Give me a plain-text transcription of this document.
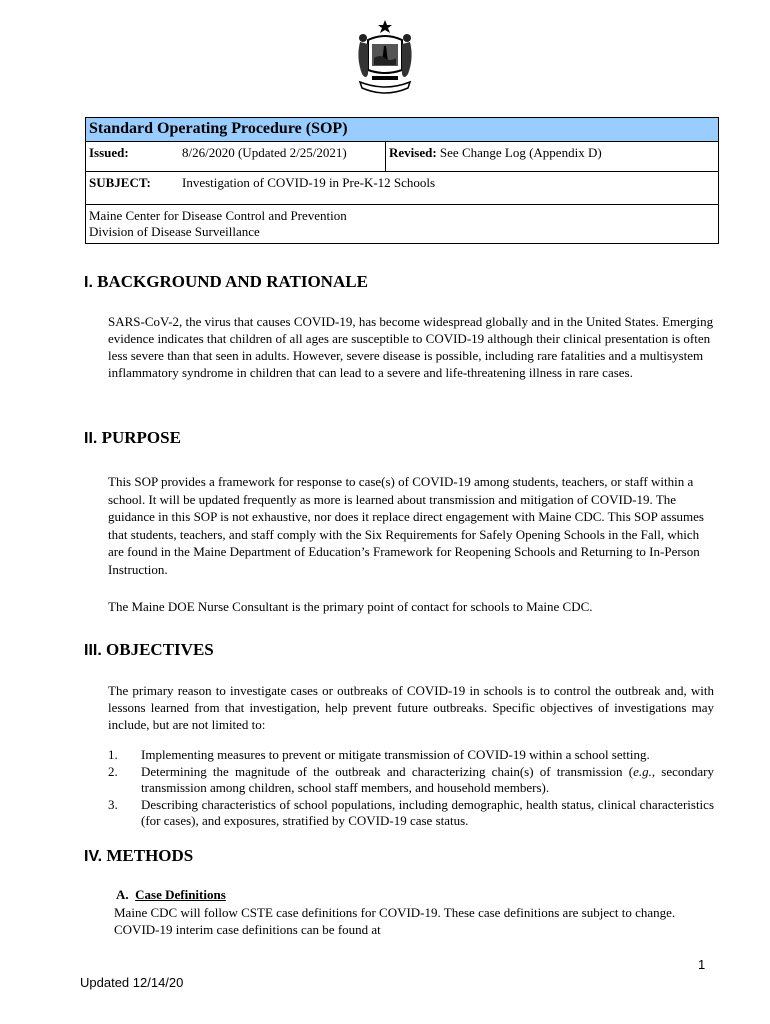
Standard Operating Procedure (SOP)
Issued:	8/26/2020 (Updated 2/25/2021)	Revised: See Change Log (Appendix D)
SUBJECT:	Investigation of COVID-19 in Pre-K-12 Schools
Maine Center for Disease Control and Prevention
Division of Disease Surveillance
I. BACKGROUND AND RATIONALE

SARS-CoV-2, the virus that causes COVID-19, has become widespread globally and in the United States. Emerging evidence indicates that children of all ages are susceptible to COVID-19 although their clinical presentation is often less severe than that seen in adults. However, severe disease is possible, including rare fatalities and a multisystem inflammatory syndrome in children that can lead to a severe and life-threatening illness in rare cases.

II. PURPOSE

This SOP provides a framework for response to case(s) of COVID-19 among students, teachers, or staff within a school. It will be updated frequently as more is learned about transmission and mitigation of COVID-19. The guidance in this SOP is not exhaustive, nor does it replace direct engagement with Maine CDC. This SOP assumes that students, teachers, and staff comply with the Six Requirements for Safely Opening Schools in the Fall, which are found in the Maine Department of Education’s Framework for Reopening Schools and Returning to In-Person Instruction.

The Maine DOE Nurse Consultant is the primary point of contact for schools to Maine CDC.

III. OBJECTIVES

The primary reason to investigate cases or outbreaks of COVID-19 in schools is to control the outbreak and, with lessons learned from that investigation, help prevent future outbreaks. Specific objectives of investigations may include, but are not limited to:

1.	Implementing measures to prevent or mitigate transmission of COVID-19 within a school setting.
2.	Determining the magnitude of the outbreak and characterizing chain(s) of transmission (e.g., secondary transmission among children, school staff members, and household members).
3.	Describing characteristics of school populations, including demographic, health status, clinical characteristics (for cases), and exposures, stratified by COVID-19 case status.
IV. METHODS

A. Case Definitions

Maine CDC will follow CSTE case definitions for COVID-19. These case definitions are subject to change. COVID-19 interim case definitions can be found at

1
Updated 12/14/20
